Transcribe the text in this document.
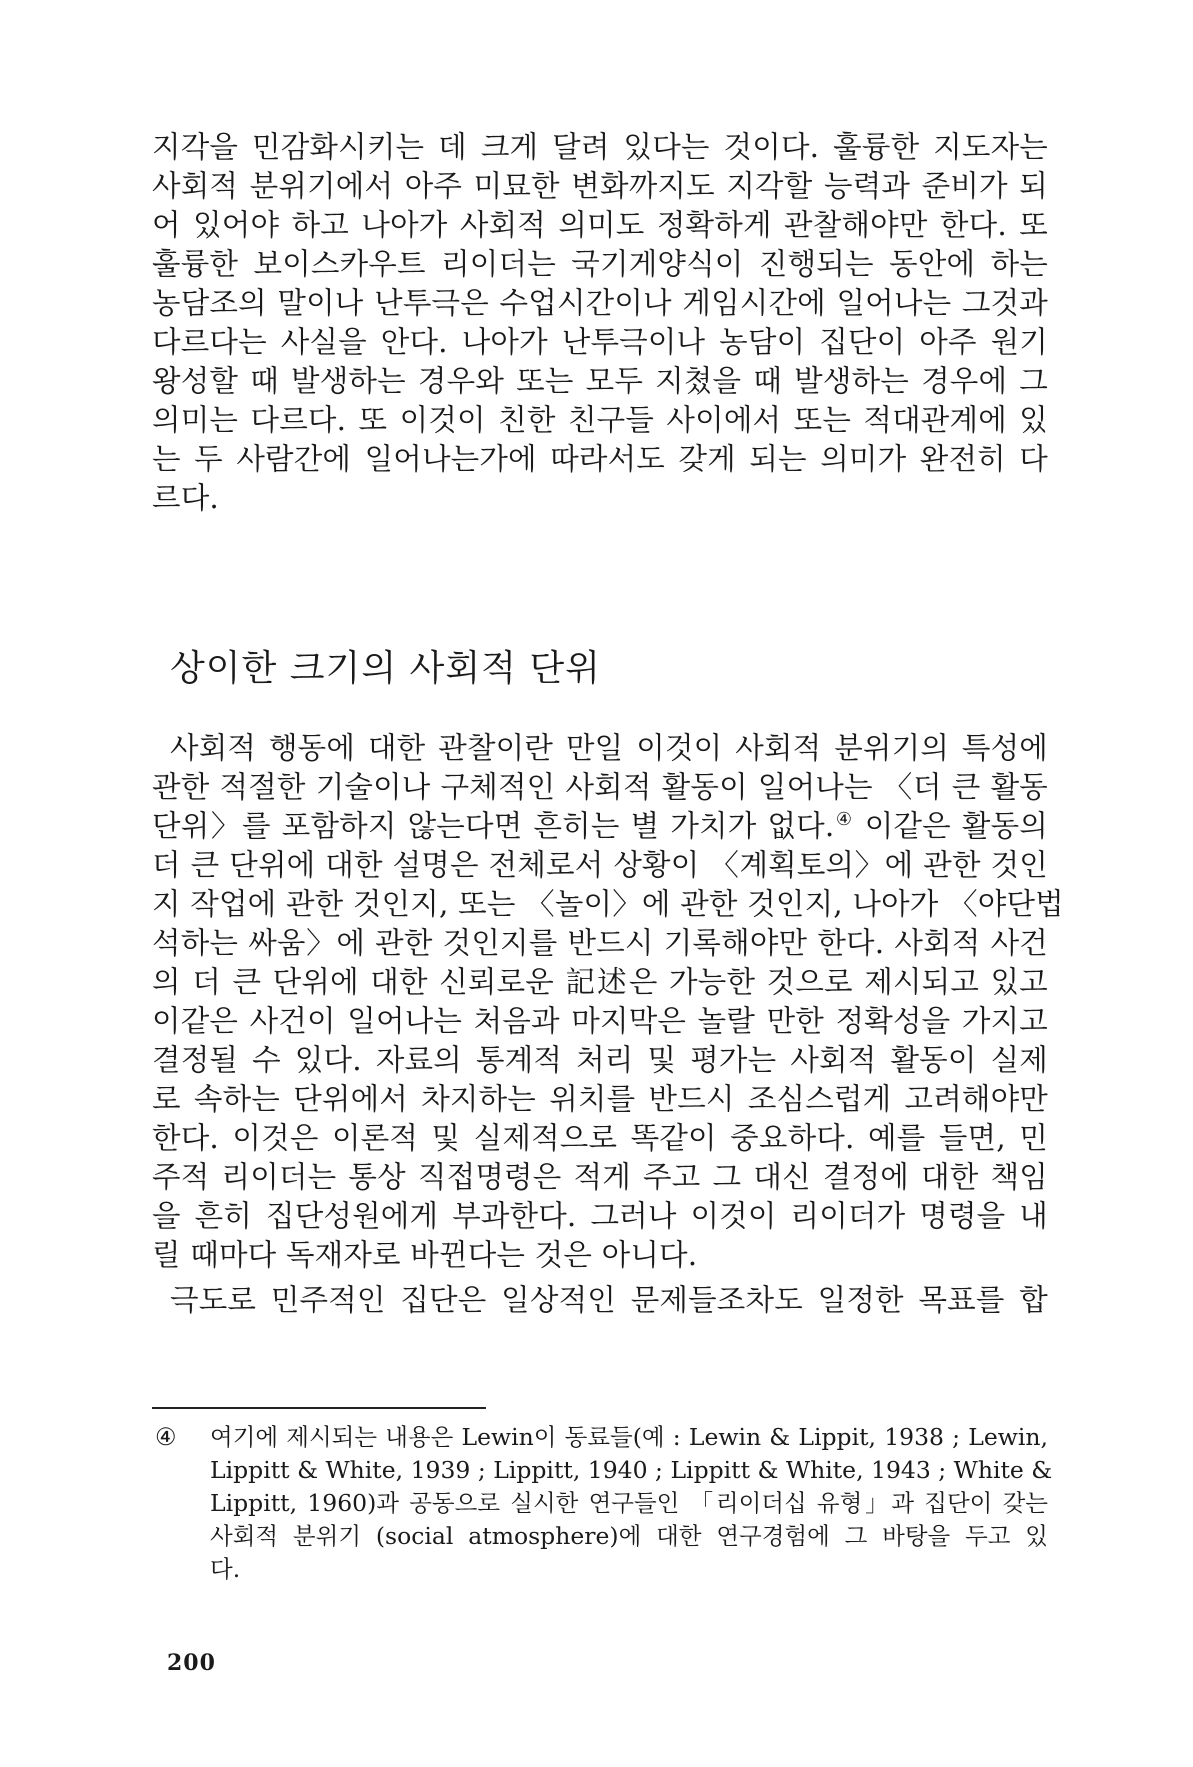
지각을 민감화시키는 데 크게 달려 있다는 것이다. 훌륭한 지도자는
사회적 분위기에서 아주 미묘한 변화까지도 지각할 능력과 준비가 되
어 있어야 하고 나아가 사회적 의미도 정확하게 관찰해야만 한다. 또
훌륭한 보이스카우트 리이더는 국기게양식이 진행되는 동안에 하는
농담조의 말이나 난투극은 수업시간이나 게임시간에 일어나는 그것과
다르다는 사실을 안다. 나아가 난투극이나 농담이 집단이 아주 원기
왕성할 때 발생하는 경우와 또는 모두 지쳤을 때 발생하는 경우에 그
의미는 다르다. 또 이것이 친한 친구들 사이에서 또는 적대관계에 있
는 두 사람간에 일어나는가에 따라서도 갖게 되는 의미가 완전히 다
르다.
상이한 크기의 사회적 단위
사회적 행동에 대한 관찰이란 만일 이것이 사회적 분위기의 특성에
관한 적절한 기술이나 구체적인 사회적 활동이 일어나는 〈더 큰 활동
단위〉를 포함하지 않는다면 흔히는 별 가치가 없다.④ 이같은 활동의
더 큰 단위에 대한 설명은 전체로서 상황이 〈계획토의〉에 관한 것인
지 작업에 관한 것인지, 또는 〈놀이〉에 관한 것인지, 나아가 〈야단법
석하는 싸움〉에 관한 것인지를 반드시 기록해야만 한다. 사회적 사건
의 더 큰 단위에 대한 신뢰로운 記述은 가능한 것으로 제시되고 있고
이같은 사건이 일어나는 처음과 마지막은 놀랄 만한 정확성을 가지고
결정될 수 있다. 자료의 통계적 처리 및 평가는 사회적 활동이 실제
로 속하는 단위에서 차지하는 위치를 반드시 조심스럽게 고려해야만
한다. 이것은 이론적 및 실제적으로 똑같이 중요하다. 예를 들면, 민
주적 리이더는 통상 직접명령은 적게 주고 그 대신 결정에 대한 책임
을 흔히 집단성원에게 부과한다. 그러나 이것이 리이더가 명령을 내
릴 때마다 독재자로 바뀐다는 것은 아니다.
극도로 민주적인 집단은 일상적인 문제들조차도 일정한 목표를 합
④ 여기에 제시되는 내용은 Lewin이 동료들(예 : Lewin & Lippit, 1938 ; Lewin,
Lippitt & White, 1939 ; Lippitt, 1940 ; Lippitt & White, 1943 ; White &
Lippitt, 1960)과 공동으로 실시한 연구들인 「리이더십 유형」과 집단이 갖는
사회적 분위기 (social atmosphere)에 대한 연구경험에 그 바탕을 두고 있
다.
200
